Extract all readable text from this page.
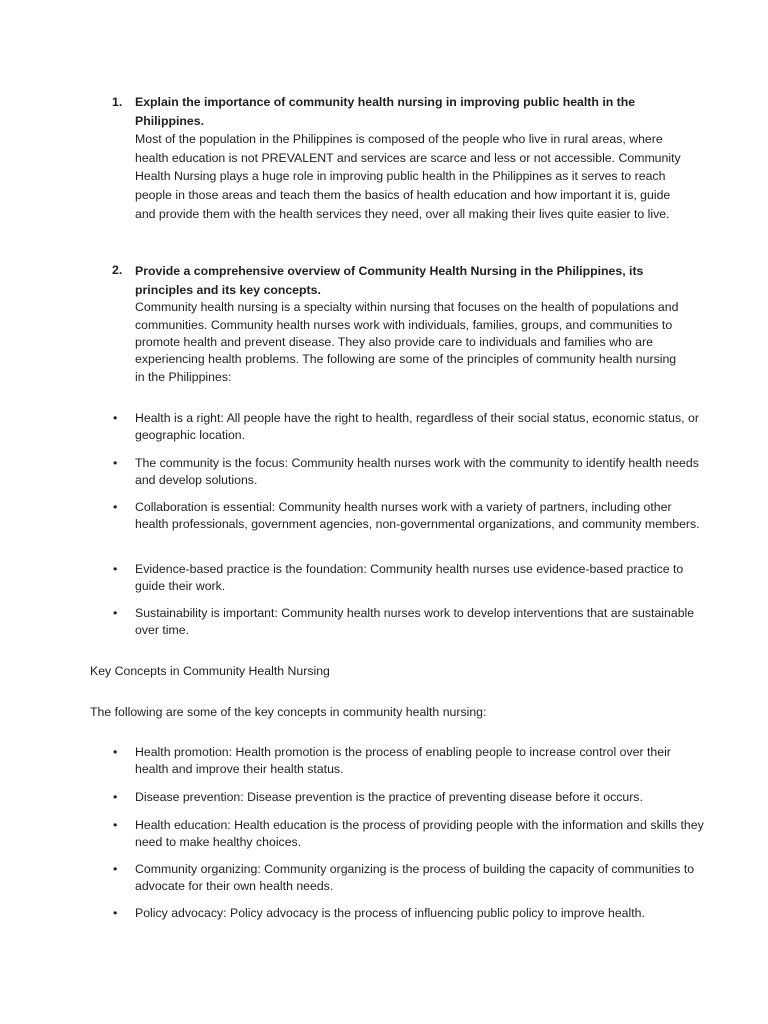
1. Explain the importance of community health nursing in improving public health in the Philippines.
Most of the population in the Philippines is composed of the people who live in rural areas, where health education is not PREVALENT and services are scarce and less or not accessible. Community Health Nursing plays a huge role in improving public health in the Philippines as it serves to reach people in those areas and teach them the basics of health education and how important it is, guide and provide them with the health services they need, over all making their lives quite easier to live.
2. Provide a comprehensive overview of Community Health Nursing in the Philippines, its principles and its key concepts.
Community health nursing is a specialty within nursing that focuses on the health of populations and communities. Community health nurses work with individuals, families, groups, and communities to promote health and prevent disease. They also provide care to individuals and families who are experiencing health problems. The following are some of the principles of community health nursing in the Philippines:
• Health is a right: All people have the right to health, regardless of their social status, economic status, or geographic location.
• The community is the focus: Community health nurses work with the community to identify health needs and develop solutions.
• Collaboration is essential: Community health nurses work with a variety of partners, including other health professionals, government agencies, non-governmental organizations, and community members.
• Evidence-based practice is the foundation: Community health nurses use evidence-based practice to guide their work.
• Sustainability is important: Community health nurses work to develop interventions that are sustainable over time.
Key Concepts in Community Health Nursing
The following are some of the key concepts in community health nursing:
• Health promotion: Health promotion is the process of enabling people to increase control over their health and improve their health status.
• Disease prevention: Disease prevention is the practice of preventing disease before it occurs.
• Health education: Health education is the process of providing people with the information and skills they need to make healthy choices.
• Community organizing: Community organizing is the process of building the capacity of communities to advocate for their own health needs.
• Policy advocacy: Policy advocacy is the process of influencing public policy to improve health.
